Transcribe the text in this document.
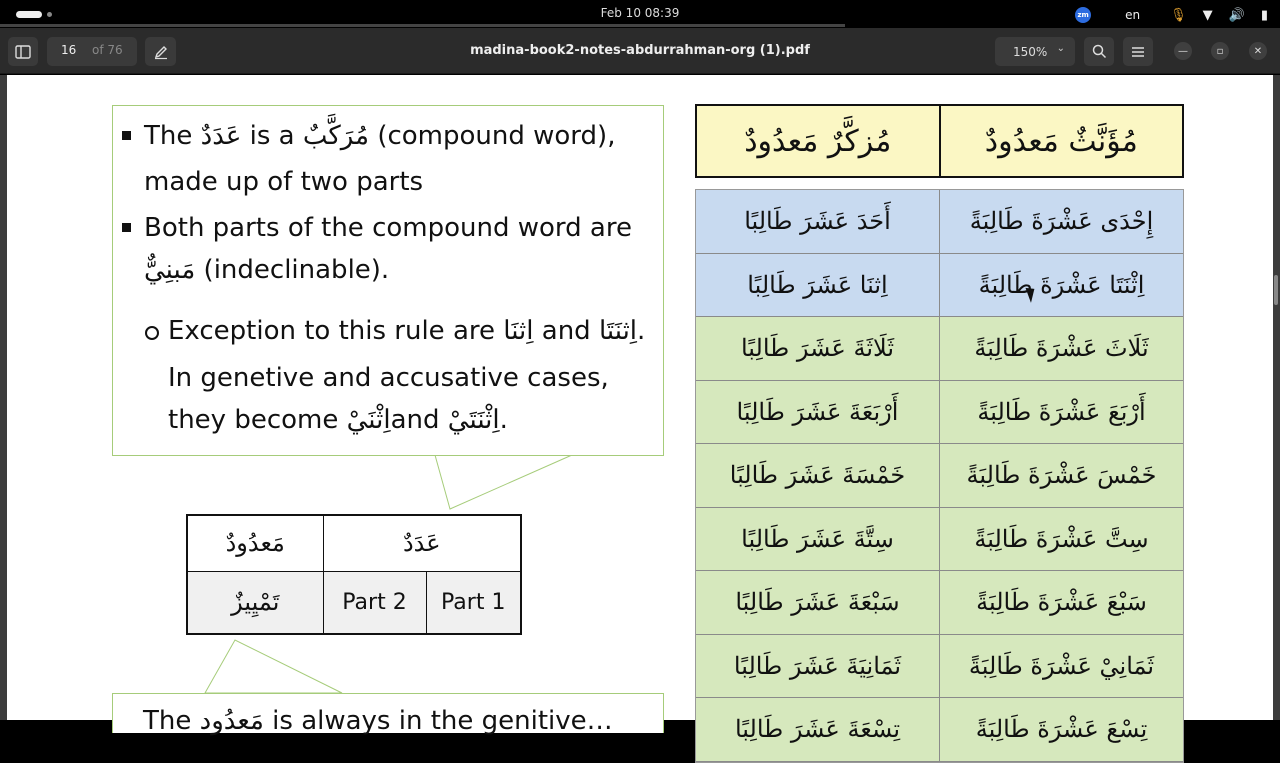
Feb 10 08:39	zm	en 🎙 ▼ 🔊 ▮
16 of 76	madina-book2-notes-abdurrahman-org (1).pdf	150% ⌄	—	▫	✕
The عَدَدٌ is a مُرَكَّبٌ (compound word),
made up of two parts
Both parts of the compound word are
مَبنِيٌّ (indeclinable).
Exception to this rule are اِثنَا and اِثنَتَا.
In genetive and accusative cases,
they become اِثْنَيْand اِثْنَتَيْ.
مَعدُودٌ	عَدَدٌ	
تَمْيِيزٌ	Part 2	Part 1
The مَعدُود is always in the genitive…
مُزكَّرٌ مَعدُودٌ	مُؤَنَّثٌ مَعدُودٌ
أَحَدَ عَشَرَ طَالِبًا	إِحْدَى عَشْرَةَ طَالِبَةً
اِثنَا عَشَرَ طَالِبًا	اِثْنَتَا عَشْرَةَ طَالِبَةً
ثَلَاثَةَ عَشَرَ طَالِبًا	ثَلَاثَ عَشْرَةَ طَالِبَةً
أَرْبَعَةَ عَشَرَ طَالِبًا	أَرْبَعَ عَشْرَةَ طَالِبَةً
خَمْسَةَ عَشَرَ طَالِبًا	خَمْسَ عَشْرَةَ طَالِبَةً
سِتَّةَ عَشَرَ طَالِبًا	سِتَّ عَشْرَةَ طَالِبَةً
سَبْعَةَ عَشَرَ طَالِبًا	سَبْعَ عَشْرَةَ طَالِبَةً
ثَمَانِيَةَ عَشَرَ طَالِبًا	ثَمَانِيْ عَشْرَةَ طَالِبَةً
تِسْعَةَ عَشَرَ طَالِبًا	تِسْعَ عَشْرَةَ طَالِبَةً
